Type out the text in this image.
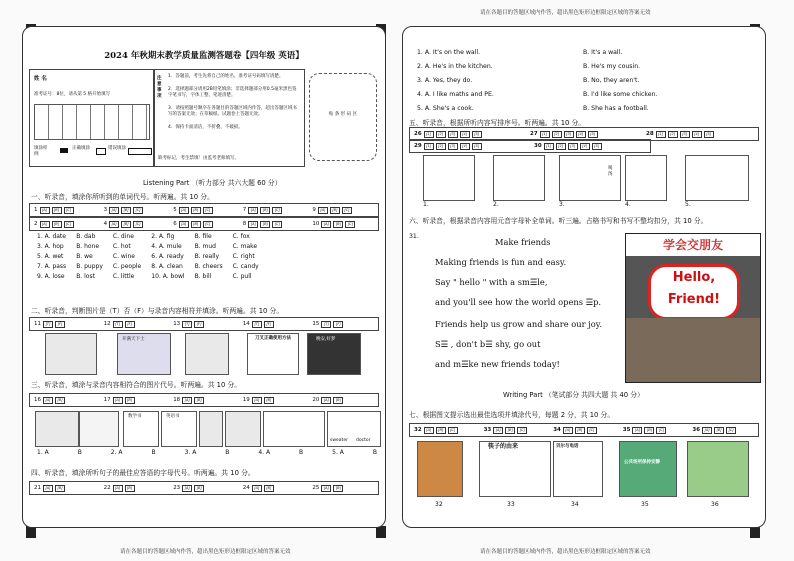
请在各题目的答题区域内作答，超出黑色矩形边框限定区域的答案无效
请在各题目的答题区域内作答，超出黑色矩形边框限定区域的答案无效	请在各题目的答题区域内作答，超出黑色矩形边框限定区域的答案无效
2024 年秋期末教学质量监测答题卷【四年级 英语】
姓 名
准考证号：8位，请从第 5 格开始填写
填涂样例
正确填涂	错误填涂
注意事项
1．答题前，考生先将自己的姓名、准考证号码填写清楚。
2．选择题部分请用2B铅笔填涂；非选择题部分用0.5毫米黑色签字笔书写，字体工整、笔迹清楚。
3．请按照题号顺序在各题目的答题区域内作答，超出答题区域书写的答案无效；在草稿纸、试题卷上答题无效。
4．保持卡面清洁，不折叠、不破损。
缺考标记，考生禁填！由监考老师填写。
贴 条 形 码 区
Listening Part （听力部分 共六大题 60 分）
一、听录音，填涂你所听到的单词代号。听两遍。共 10 分。
1	[A]	[B]	[C]	3	[A]	[B]	[C]	5	[A]	[B]	[C]	7	[A]	[B]	[C]	9	[A]	[B]	[C]
2	[A]	[B]	[C]	4	[A]	[B]	[C]	6	[A]	[B]	[C]	8	[A]	[B]	[C]	10	[A]	[B]	[C]
1. A. date B. dab	C. dine	2. A. fig	B. file	C. fox
3. A. hop	B. hone	C. hot	4. A. mule	B. mud	C. make
5. A. wet	B. we	C. wine	6. A. ready B. really	C. right
7. A. pass B. puppy C. people 8. A. clean B. cheers C. candy
9. A. lose B. lost	C. little	10. A. bowl B. bill	C. pull
二、听录音，判断图片是（T）否（F）与录音内容相符并填涂。听两遍。共 10 分。
11	[T]	[F]	12	[T]	[F]	13	[T]	[F]	14	[T]	[F]	15	[T]	[F]
开满天下士	刀叉正确使用方法	晚安,好梦
三、听录音，填涂与录音内容相符合的图片代号。听两遍。共 10 分。
16	[A]	[B]	17	[A]	[B]	18	[A]	[B]	19	[A]	[B]	20	[A]	[B]
数学书	英语书
sweater doctor
1. A	B	2. A	B	3. A	B	4. A	B	5. A	B
四、听录音，填涂所听句子的最佳应答语的字母代号。听两遍。共 10 分。
21	[A]	[B]	22	[A]	[B]	23	[A]	[B]	24	[A]	[B]	25	[A]	[B]
1. A. It's on the wall.	B. It's a wall.
2. A. He's in the kitchen.	B. He's my cousin.
3. A. Yes, they do.	B. No, they aren't.
4. A. I like maths and PE.	B. I'd like some chicken.
5. A. She's a cook.	B. She has a football.
五、听录音，根据所听内容写排序号。听两遍。共 10 分。
26	[1]	[2]	[3]	[4]	[5]	27	[1]	[2]	[3]	[4]	[5]	28	[1]	[2]	[3]	[4]	[5]
29	[1]	[2]	[3]	[4]	[5]	30	[1]	[2]	[3]	[4]	[5]
喝汤
1.	2.	3.	4.	5.
六、听录音，根据录音内容用元音字母补全单词。听三遍。占格书写和书写不整均扣分，共 10 分。
31.
Make friends
Making friends is fun and easy.
Say " hello " with a sm☰le,
and you'll see how the world opens ☰p.
Friends help us grow and share our joy.
S☰ , don't b☰ shy, go out
and m☰ke new friends today!
学会交朋友
Hello,
Friend!
Writing Part （笔试部分 共四大题 共 40 分）
七、根据图文提示选出最佳选项并填涂代号，每题 2 分，共 10 分。
32	[A]	[B]	[C]	33	[A]	[B]	[C]	34	[A]	[B]	[C]	35	[A]	[B]	[C]	36	[A]	[B]	[C]
筷子的由来	贝尔与电话
公共场所保持安静
32	33	34	35	36
